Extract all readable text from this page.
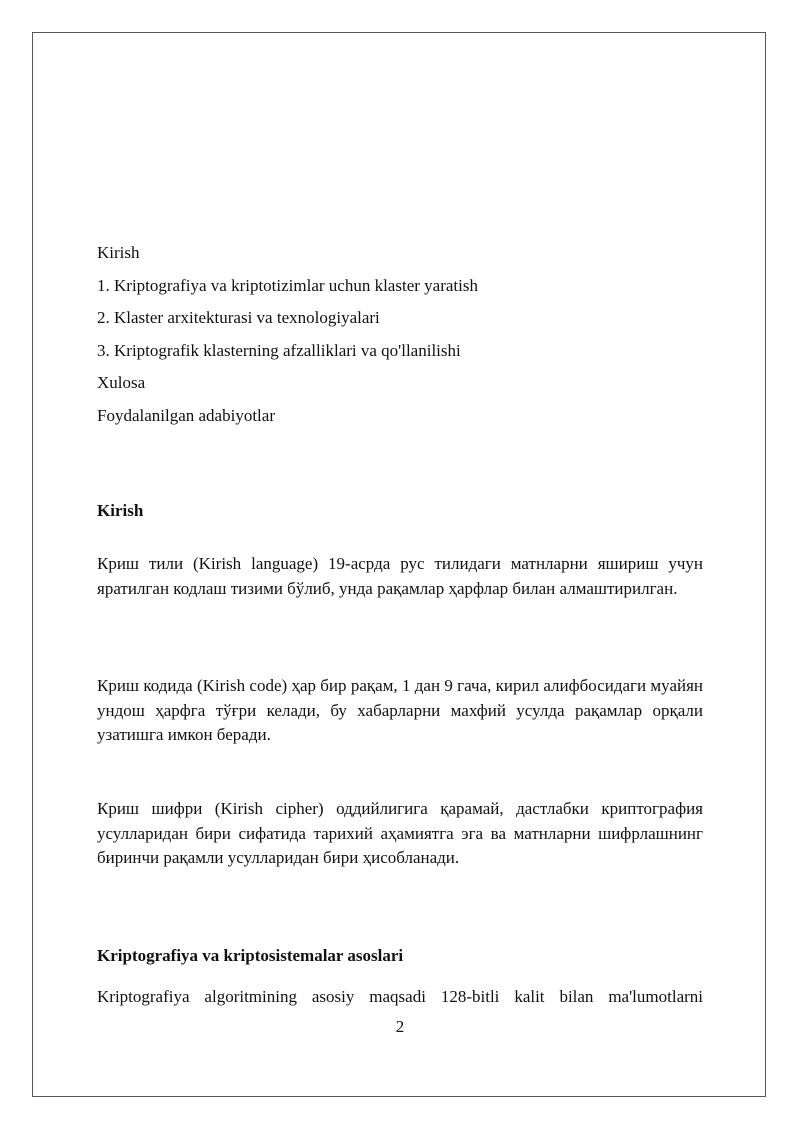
Kirish
1. Kriptografiya va kriptotizimlar uchun klaster yaratish
2. Klaster arxitekturasi va texnologiyalari
3. Kriptografik klasterning afzalliklari va qo'llanilishi
Xulosa
Foydalanilgan adabiyotlar
Kirish

Криш тили (Kirish language) 19-асрда рус тилидаги матнларни яшириш учун яратилган кодлаш тизими бўлиб, унда рақамлар ҳарфлар билан алмаштирилган.

Криш кодида (Kirish code) ҳар бир рақам, 1 дан 9 гача, кирил алифбосидаги муайян ундош ҳарфга тўғри келади, бу хабарларни махфий усулда рақамлар орқали узатишга имкон беради.

Криш шифри (Kirish cipher) оддийлигига қарамай, дастлабки криптография усулларидан бири сифатида тарихий аҳамиятга эга ва матнларни шифрлашнинг биринчи рақамли усулларидан бири ҳисобланади.

Kriptografiya va kriptosistemalar asoslari

Kriptografiya algoritmining asosiy maqsadi 128-bitli kalit bilan ma'lumotlarni

2
